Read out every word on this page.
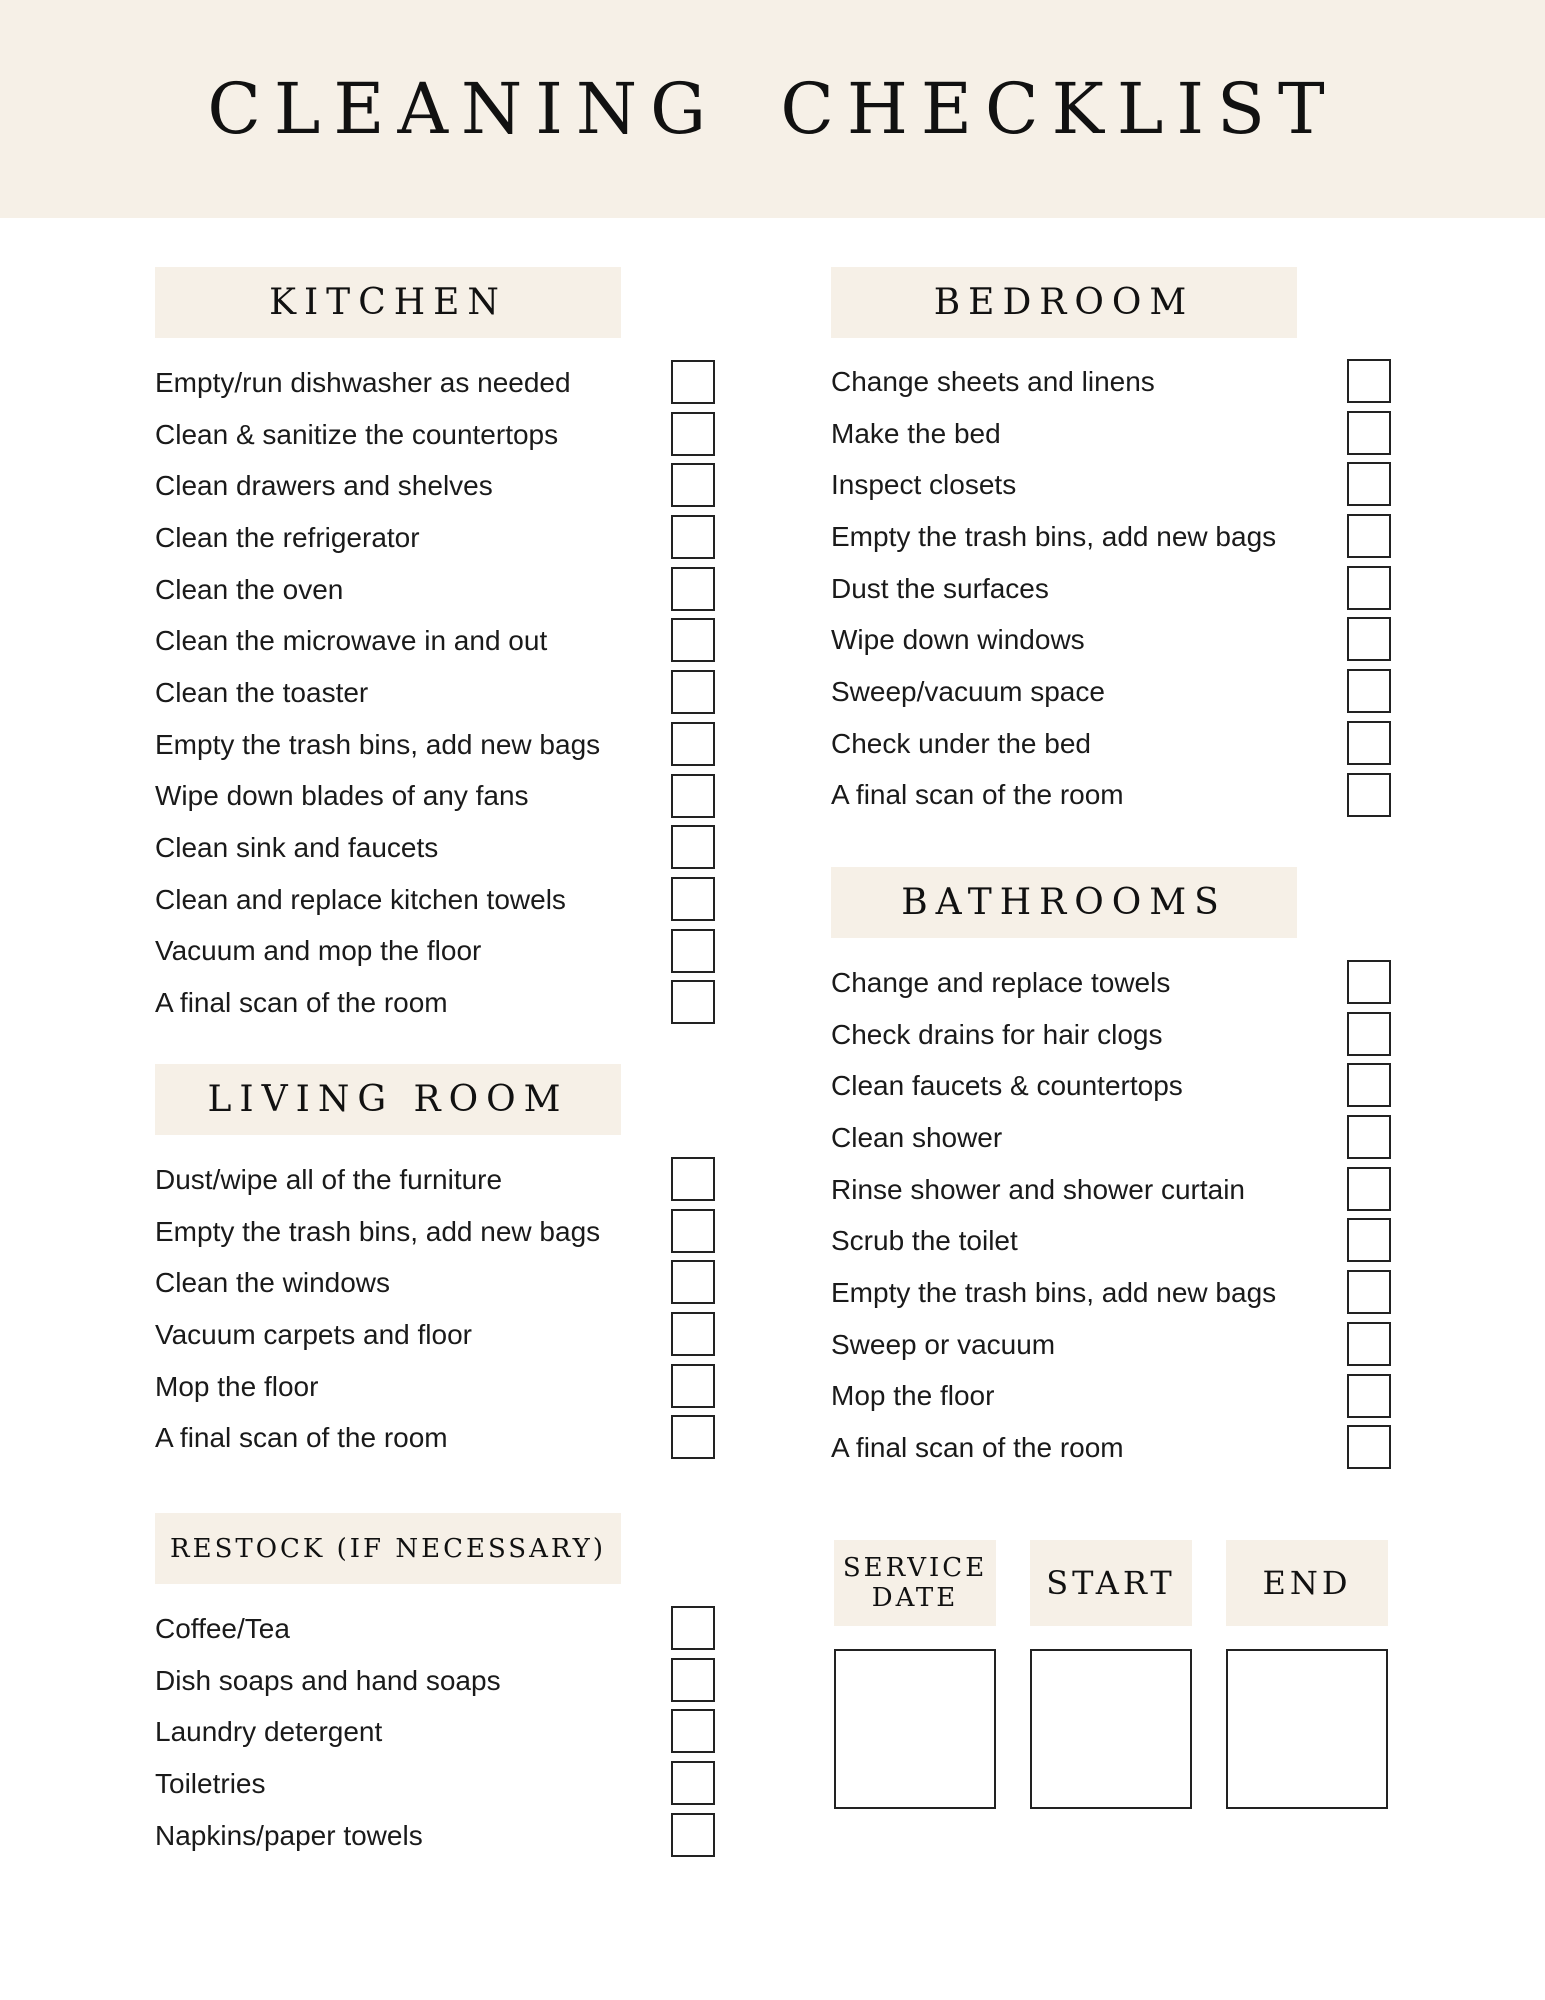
CLEANING CHECKLIST
KITCHEN
Empty/run dishwasher as needed
Clean & sanitize the countertops
Clean drawers and shelves
Clean the refrigerator
Clean the oven
Clean the microwave in and out
Clean the toaster
Empty the trash bins, add new bags
Wipe down blades of any fans
Clean sink and faucets
Clean and replace kitchen towels
Vacuum and mop the floor
A final scan of the room
LIVING ROOM
Dust/wipe all of the furniture
Empty the trash bins, add new bags
Clean the windows
Vacuum carpets and floor
Mop the floor
A final scan of the room
RESTOCK (IF NECESSARY)
Coffee/Tea
Dish soaps and hand soaps
Laundry detergent
Toiletries
Napkins/paper towels
BEDROOM
Change sheets and linens
Make the bed
Inspect closets
Empty the trash bins, add new bags
Dust the surfaces
Wipe down windows
Sweep/vacuum space
Check under the bed
A final scan of the room
BATHROOMS
Change and replace towels
Check drains for hair clogs
Clean faucets & countertops
Clean shower
Rinse shower and shower curtain
Scrub the toilet
Empty the trash bins, add new bags
Sweep or vacuum
Mop the floor
A final scan of the room
SERVICE
DATE	START	END
